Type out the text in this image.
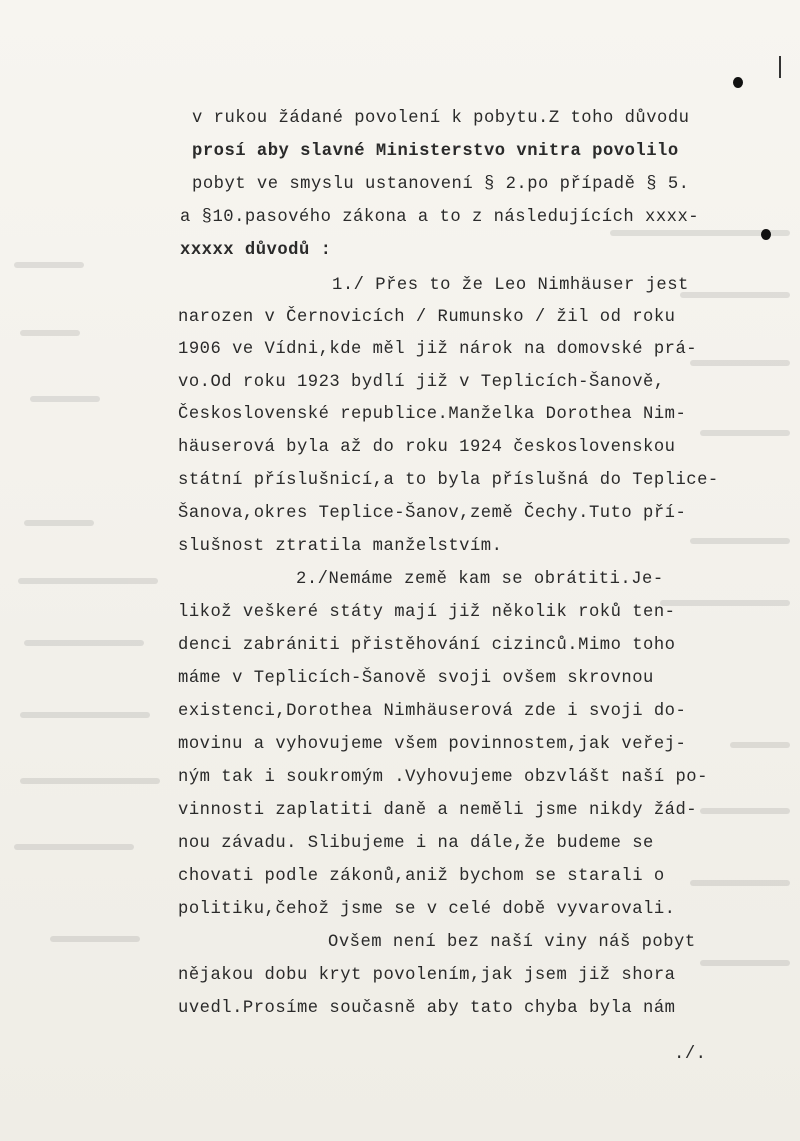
v rukou žádané povolení k pobytu.Z toho důvodu
prosí aby slavné Ministerstvo vnitra povolilo
pobyt ve smyslu ustanovení § 2.po případě § 5.
a §10.pasového zákona a to z následujících xxxx-
xxxxx důvodů :
1./ Přes to že Leo Nimhäuser jest
narozen v Černovicích / Rumunsko / žil od roku
1906 ve Vídni,kde měl již nárok na domovské prá-
vo.Od roku 1923 bydlí již v Teplicích-Šanově,
Československé republice.Manželka Dorothea Nim-
häuserová byla až do roku 1924 československou
státní příslušnicí,a to byla příslušná do Teplice-
Šanova,okres Teplice-Šanov,země Čechy.Tuto pří-
slušnost ztratila manželstvím.
2./Nemáme země kam se obrátiti.Je-
likož veškeré státy mají již několik roků ten-
denci zabrániti přistěhování cizinců.Mimo toho
máme v Teplicích-Šanově svoji ovšem skrovnou
existenci,Dorothea Nimhäuserová zde i svoji do-
movinu a vyhovujeme všem povinnostem,jak veřej-
ným tak i soukromým .Vyhovujeme obzvlášt naší po-
vinnosti zaplatiti daně a neměli jsme nikdy žád-
nou závadu. Slibujeme i na dále,že budeme se
chovati podle zákonů,aniž bychom se starali o
politiku,čehož jsme se v celé době vyvarovali.
Ovšem není bez naší viny náš pobyt
nějakou dobu kryt povolením,jak jsem již shora
uvedl.Prosíme současně aby tato chyba byla nám
./.
